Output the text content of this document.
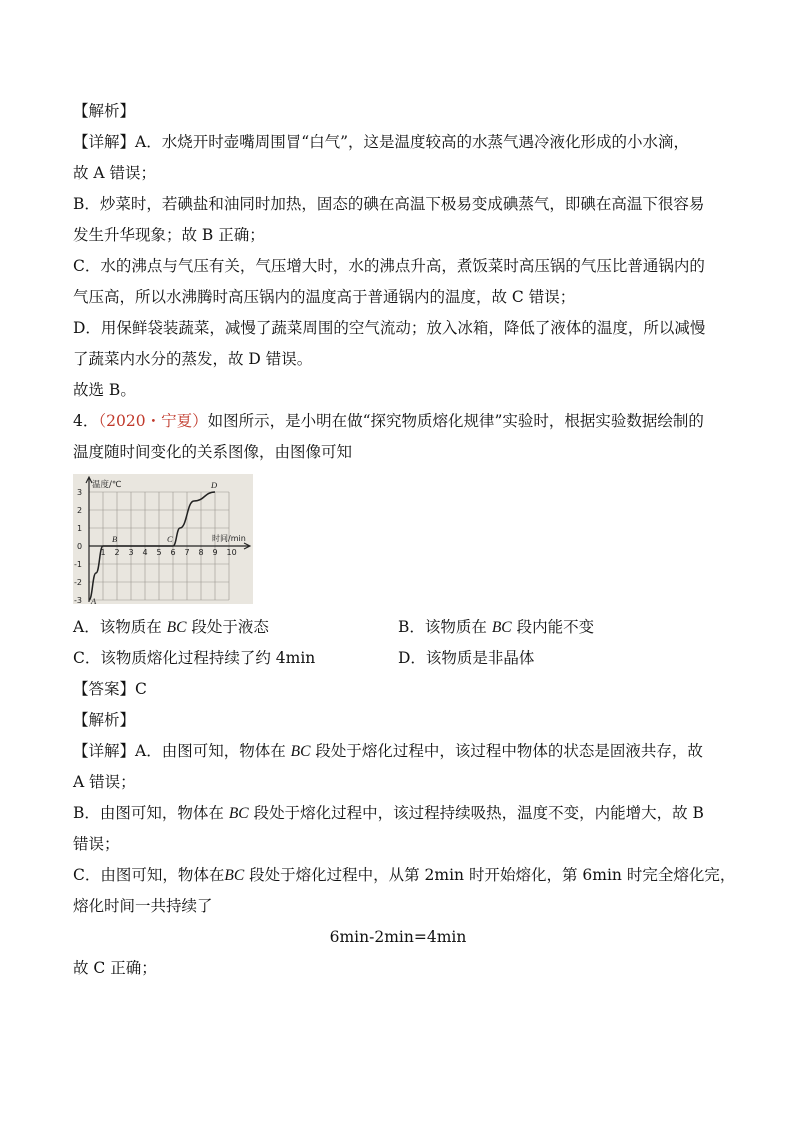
【解析】
【详解】A．水烧开时壶嘴周围冒“白气”，这是温度较高的水蒸气遇冷液化形成的小水滴，
故 A 错误；
B．炒菜时，若碘盐和油同时加热，固态的碘在高温下极易变成碘蒸气，即碘在高温下很容易
发生升华现象；故 B 正确；
C．水的沸点与气压有关，气压增大时，水的沸点升高，煮饭菜时高压锅的气压比普通锅内的
气压高，所以水沸腾时高压锅内的温度高于普通锅内的温度，故 C 错误；
D．用保鲜袋装蔬菜，减慢了蔬菜周围的空气流动；放入冰箱，降低了液体的温度，所以减慢
了蔬菜内水分的蒸发，故 D 错误。
故选 B。
4．（2020・宁夏）如图所示，是小明在做“探究物质熔化规律”实验时，根据实验数据绘制的
温度随时间变化的关系图像，由图像可知
温度/℃
时间/min
1 2 3 4 5 6 7 8 9 10
3
2
1
0
-1
-2
-3 A
B	C
D
A．该物质在 BC 段处于液态	B．该物质在 BC 段内能不变
C．该物质熔化过程持续了约 4min	D．该物质是非晶体
【答案】C
【解析】
【详解】A．由图可知，物体在 BC 段处于熔化过程中，该过程中物体的状态是固液共存，故
A 错误；
B．由图可知，物体在 BC 段处于熔化过程中，该过程持续吸热，温度不变，内能增大，故 B
错误；
C．由图可知，物体在BC 段处于熔化过程中，从第 2min 时开始熔化，第 6min 时完全熔化完，
熔化时间一共持续了
6min-2min=4min
故 C 正确；
